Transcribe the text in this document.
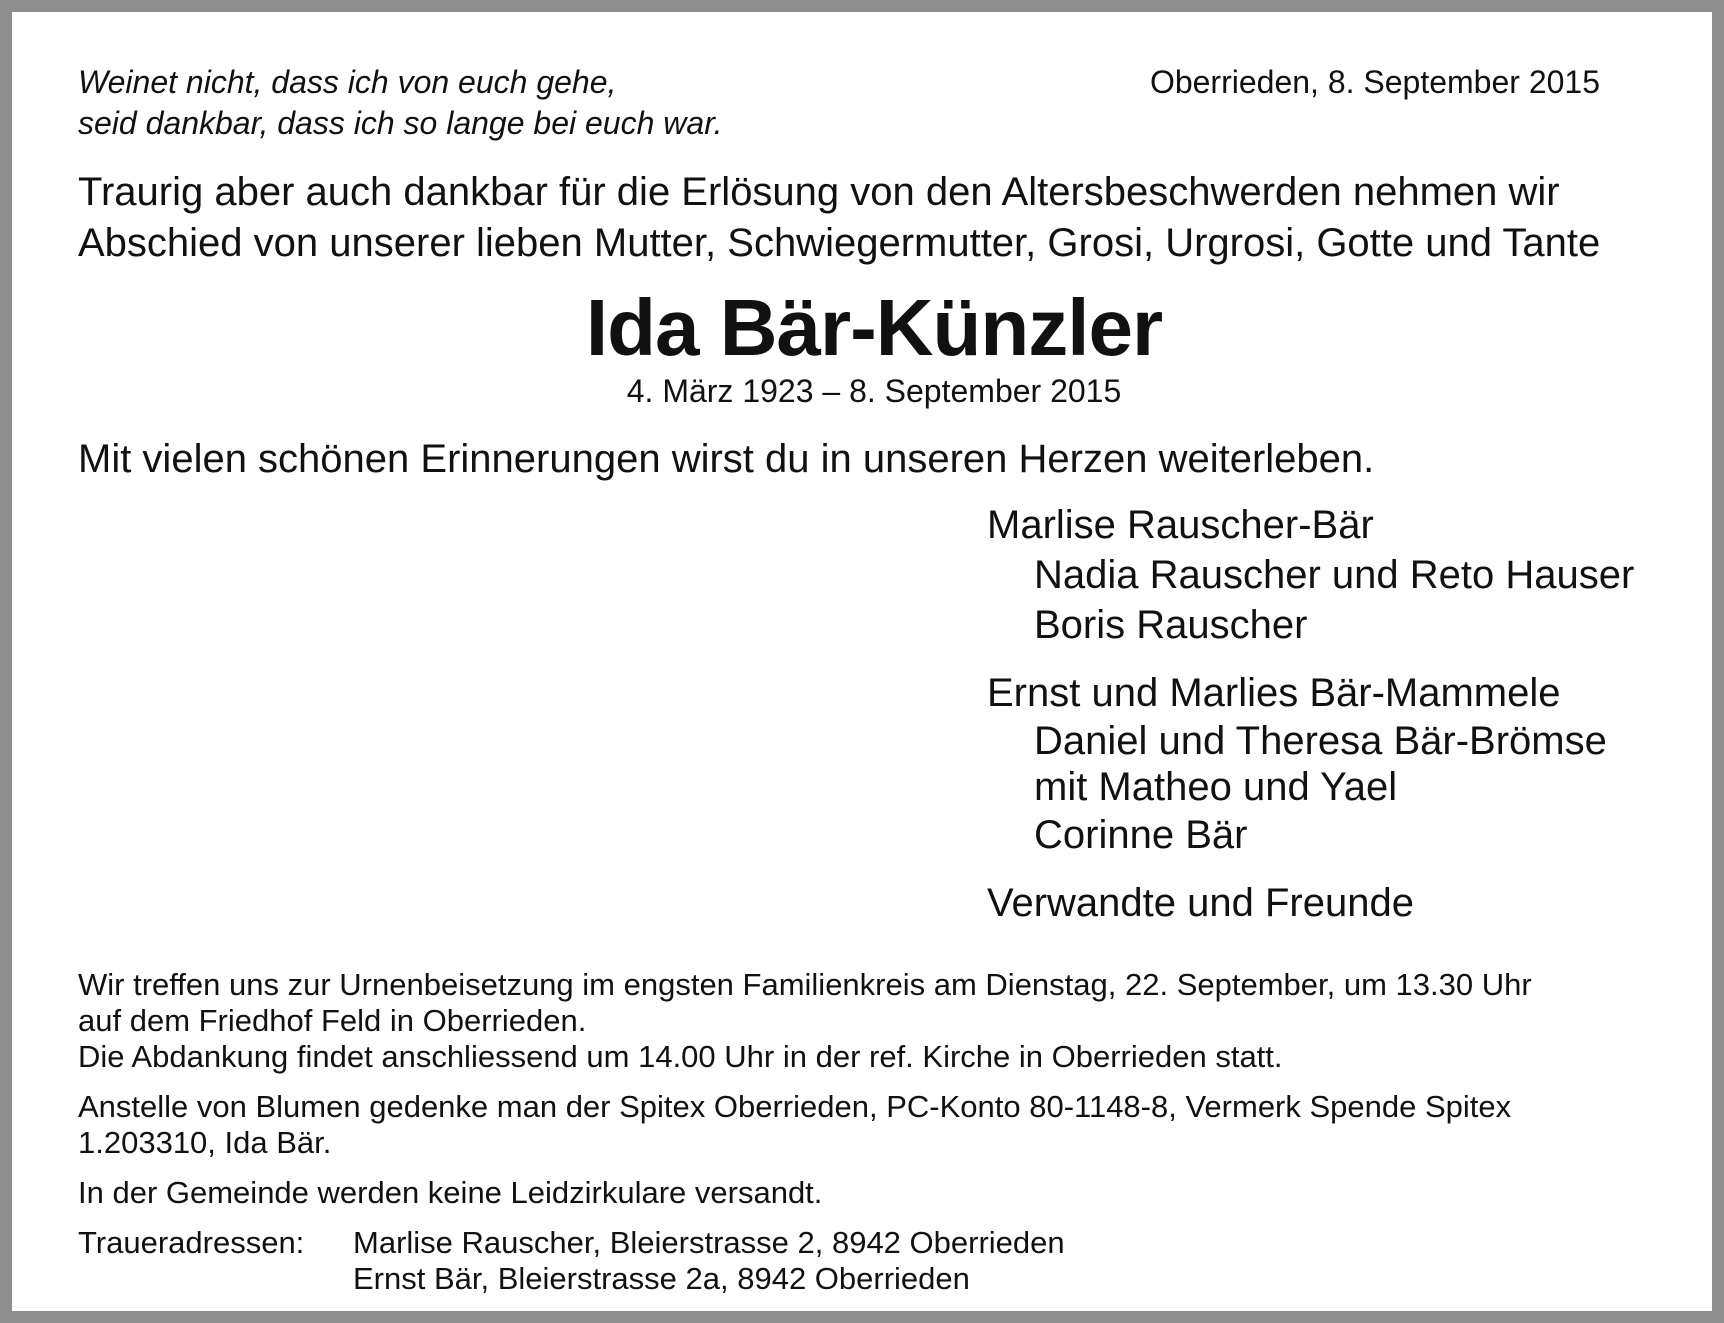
Weinet nicht, dass ich von euch gehe,
seid dankbar, dass ich so lange bei euch war.
Oberrieden, 8. September 2015
Traurig aber auch dankbar für die Erlösung von den Altersbeschwerden nehmen wir
Abschied von unserer lieben Mutter, Schwiegermutter, Grosi, Urgrosi, Gotte und Tante
Ida Bär-Künzler
4. März 1923 – 8. September 2015
Mit vielen schönen Erinnerungen wirst du in unseren Herzen weiterleben.
Marlise Rauscher-Bär
Nadia Rauscher und Reto Hauser
Boris Rauscher
Ernst und Marlies Bär-Mammele
Daniel und Theresa Bär-Brömse
mit Matheo und Yael
Corinne Bär
Verwandte und Freunde

Wir treffen uns zur Urnenbeisetzung im engsten Familienkreis am Dienstag, 22. September, um 13.30 Uhr
auf dem Friedhof Feld in Oberrieden.

Die Abdankung findet anschliessend um 14.00 Uhr in der ref. Kirche in Oberrieden statt.

Anstelle von Blumen gedenke man der Spitex Oberrieden, PC-Konto 80-1148-8, Vermerk Spende Spitex
1.203310, Ida Bär.

In der Gemeinde werden keine Leidzirkulare versandt.

Traueradressen:	Marlise Rauscher, Bleierstrasse 2, 8942 Oberrieden
Ernst Bär, Bleierstrasse 2a, 8942 Oberrieden
